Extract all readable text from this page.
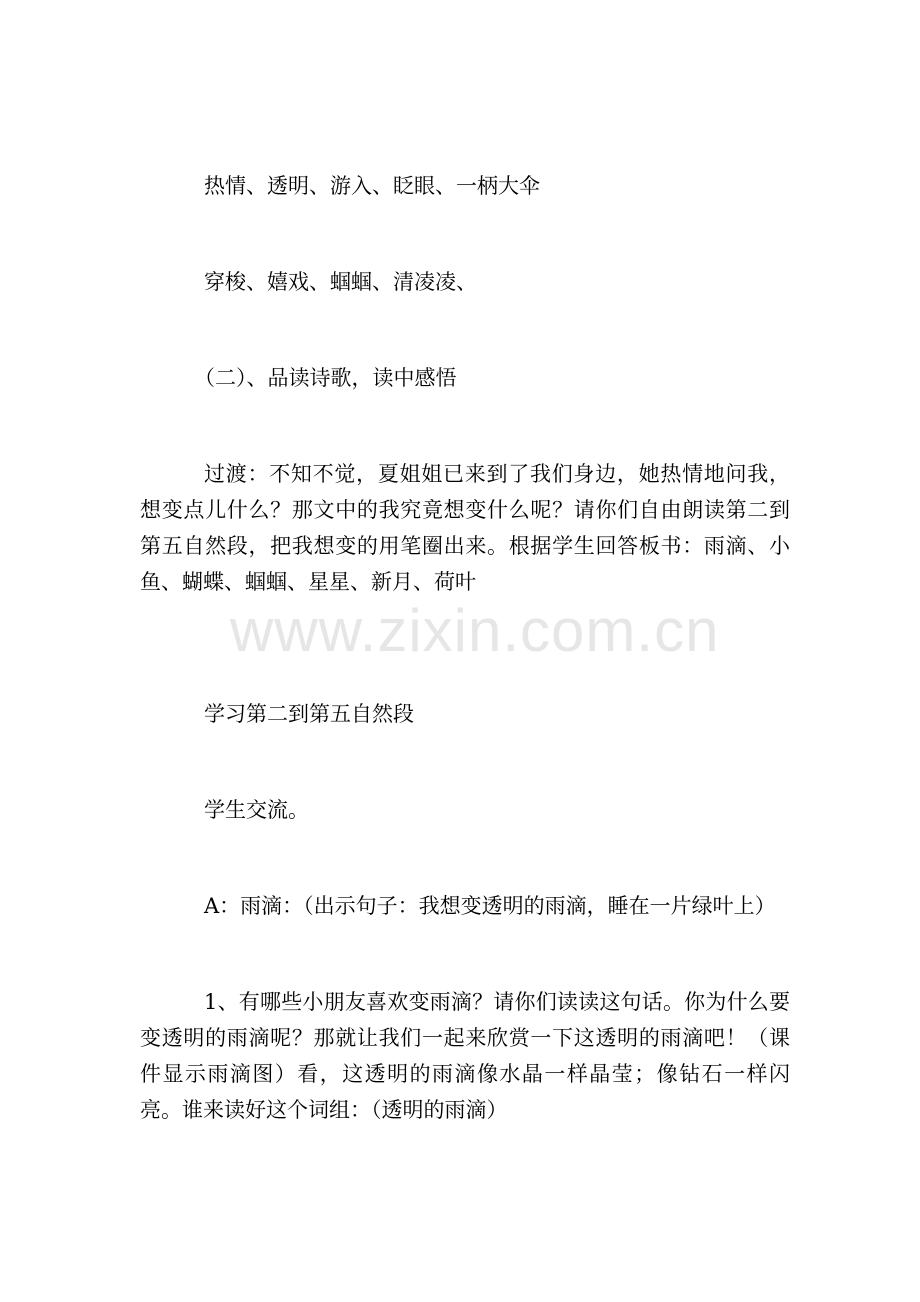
热情、透明、游入、眨眼、一柄大伞

穿梭、嬉戏、蝈蝈、清凌凌、

（二）、品读诗歌，读中感悟

过渡：不知不觉，夏姐姐已来到了我们身边，她热情地问我，想变点儿什么？那文中的我究竟想变什么呢？请你们自由朗读第二到第五自然段，把我想变的用笔圈出来。根据学生回答板书：雨滴、小鱼、蝴蝶、蝈蝈、星星、新月、荷叶

学习第二到第五自然段

学生交流。

A：雨滴：（出示句子：我想变透明的雨滴，睡在一片绿叶上）

1、有哪些小朋友喜欢变雨滴？请你们读读这句话。你为什么要变透明的雨滴呢？那就让我们一起来欣赏一下这透明的雨滴吧！（课件显示雨滴图）看，这透明的雨滴像水晶一样晶莹；像钻石一样闪亮。谁来读好这个词组：（透明的雨滴）

www.zixin.com.cn
